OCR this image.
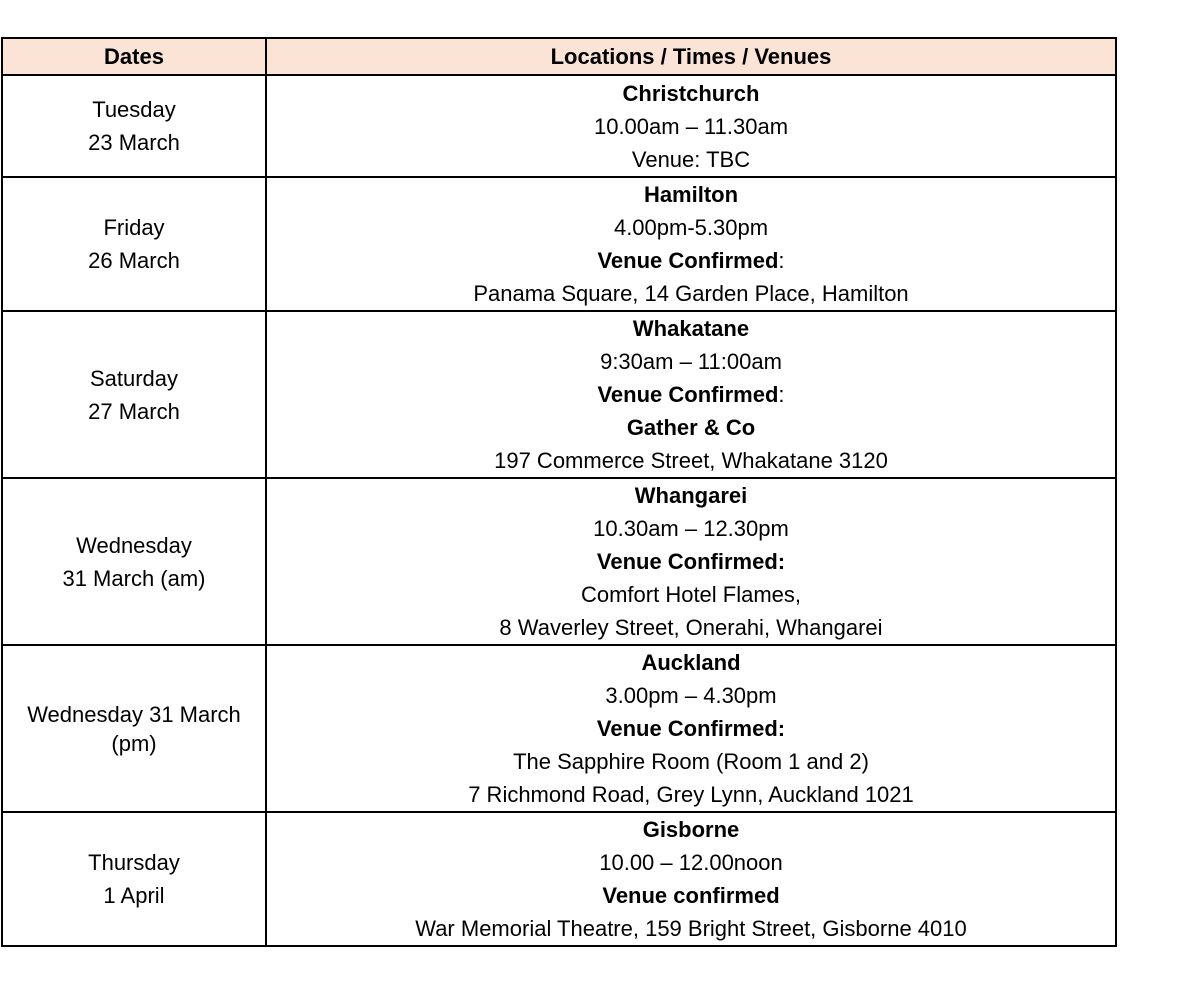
Dates	Locations / Times / Venues

Tuesday
23 March	Christchurch
10.00am – 11.30am
Venue: TBC

Friday
26 March	Hamilton
4.00pm-5.30pm
Venue Confirmed:
Panama Square, 14 Garden Place, Hamilton

Saturday
27 March	Whakatane
9:30am – 11:00am
Venue Confirmed:
Gather & Co
197 Commerce Street, Whakatane 3120

Wednesday
31 March (am)	Whangarei
10.30am – 12.30pm
Venue Confirmed:
Comfort Hotel Flames,
8 Waverley Street, Onerahi, Whangarei

Wednesday 31 March
(pm)	Auckland
3.00pm – 4.30pm
Venue Confirmed:
The Sapphire Room (Room 1 and 2)
7 Richmond Road, Grey Lynn, Auckland 1021

Thursday
1 April	Gisborne
10.00 – 12.00noon
Venue confirmed
War Memorial Theatre, 159 Bright Street, Gisborne 4010
